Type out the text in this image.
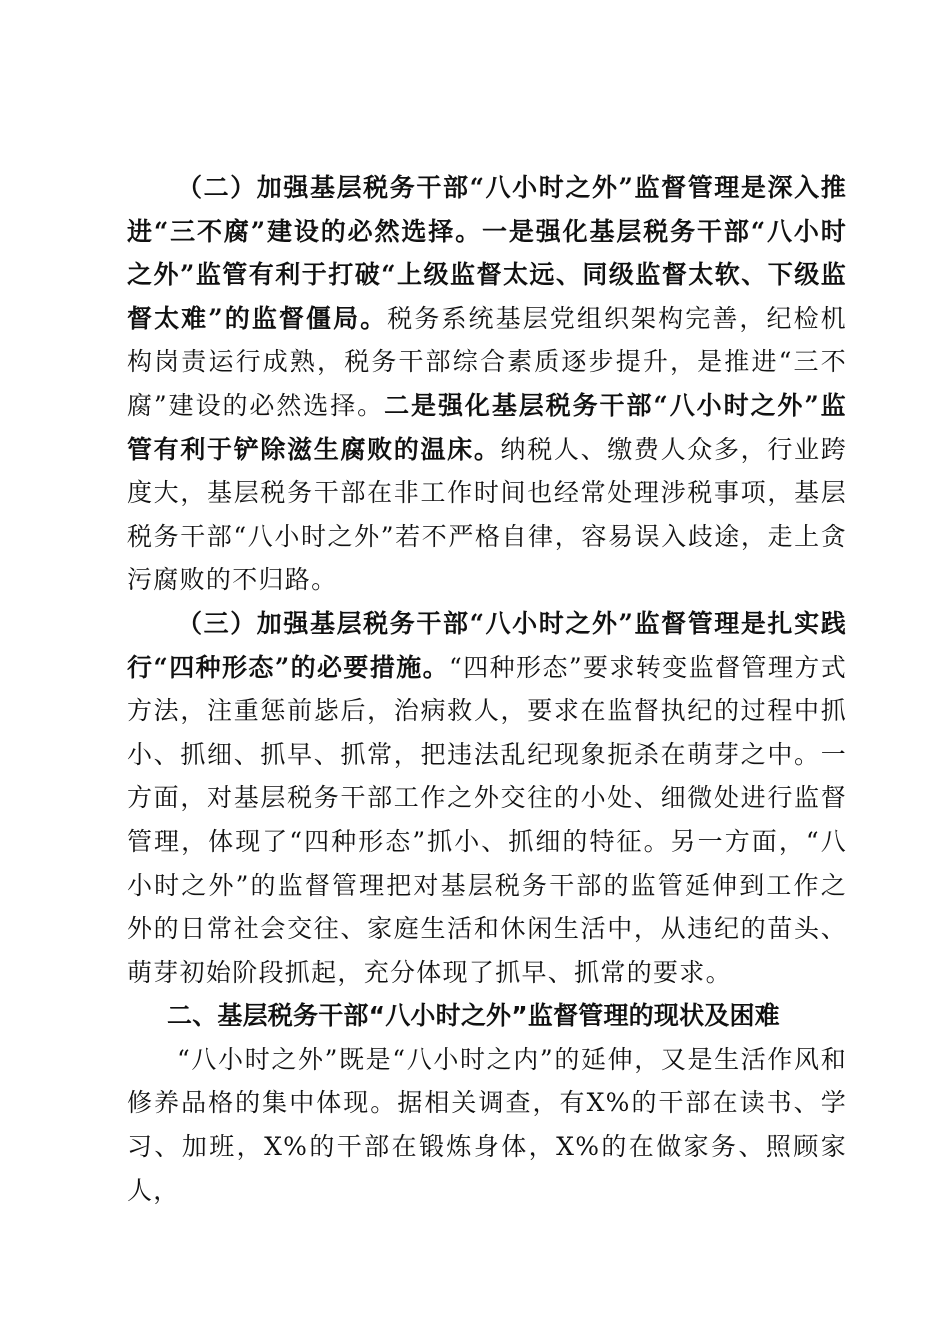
（二）加强基层税务干部“八小时之外”监督管理是深入推进“三不腐”建设的必然选择。一是强化基层税务干部“八小时之外”监管有利于打破“上级监督太远、同级监督太软、下级监督太难”的监督僵局。税务系统基层党组织架构完善，纪检机构岗责运行成熟，税务干部综合素质逐步提升，是推进“三不腐”建设的必然选择。二是强化基层税务干部“八小时之外”监管有利于铲除滋生腐败的温床。纳税人、缴费人众多，行业跨度大，基层税务干部在非工作时间也经常处理涉税事项，基层税务干部“八小时之外”若不严格自律，容易误入歧途，走上贪污腐败的不归路。

（三）加强基层税务干部“八小时之外”监督管理是扎实践行“四种形态”的必要措施。“四种形态”要求转变监督管理方式方法，注重惩前毖后，治病救人，要求在监督执纪的过程中抓小、抓细、抓早、抓常，把违法乱纪现象扼杀在萌芽之中。一方面，对基层税务干部工作之外交往的小处、细微处进行监督管理，体现了“四种形态”抓小、抓细的特征。另一方面，“八小时之外”的监督管理把对基层税务干部的监管延伸到工作之外的日常社会交往、家庭生活和休闲生活中，从违纪的苗头、萌芽初始阶段抓起，充分体现了抓早、抓常的要求。

二、基层税务干部“八小时之外”监督管理的现状及困难

“八小时之外”既是“八小时之内”的延伸，又是生活作风和修养品格的集中体现。据相关调查，有X%的干部在读书、学习、加班，X%的干部在锻炼身体，X%的在做家务、照顾家人，
